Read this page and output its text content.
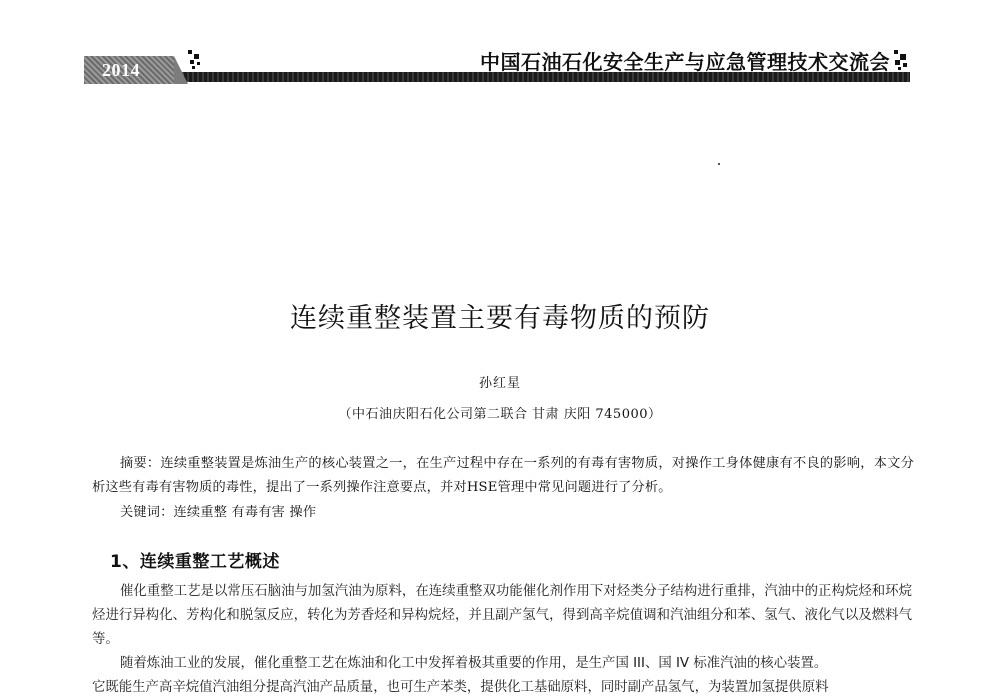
2014	中国石油石化安全生产与应急管理技术交流会
连续重整装置主要有毒物质的预防
孙红星
（中石油庆阳石化公司第二联合 甘肃 庆阳 745000）

摘要：连续重整装置是炼油生产的核心装置之一，在生产过程中存在一系列的有毒有害物质，对操作工身体健康有不良的影响，本文分析这些有毒有害物质的毒性，提出了一系列操作注意要点，并对HSE管理中常见问题进行了分析。

关键词：连续重整 有毒有害 操作
1、连续重整工艺概述

催化重整工艺是以常压石脑油与加氢汽油为原料，在连续重整双功能催化剂作用下对烃类分子结构进行重排，汽油中的正构烷烃和环烷烃进行异构化、芳构化和脱氢反应，转化为芳香烃和异构烷烃，并且副产氢气，得到高辛烷值调和汽油组分和苯、氢气、液化气以及燃料气等。

随着炼油工业的发展，催化重整工艺在炼油和化工中发挥着极其重要的作用，是生产国 III、国 IV 标准汽油的核心装置。

它既能生产高辛烷值汽油组分提高汽油产品质量，也可生产苯类，提供化工基础原料，同时副产品氢气，为装置加氢提供原料
